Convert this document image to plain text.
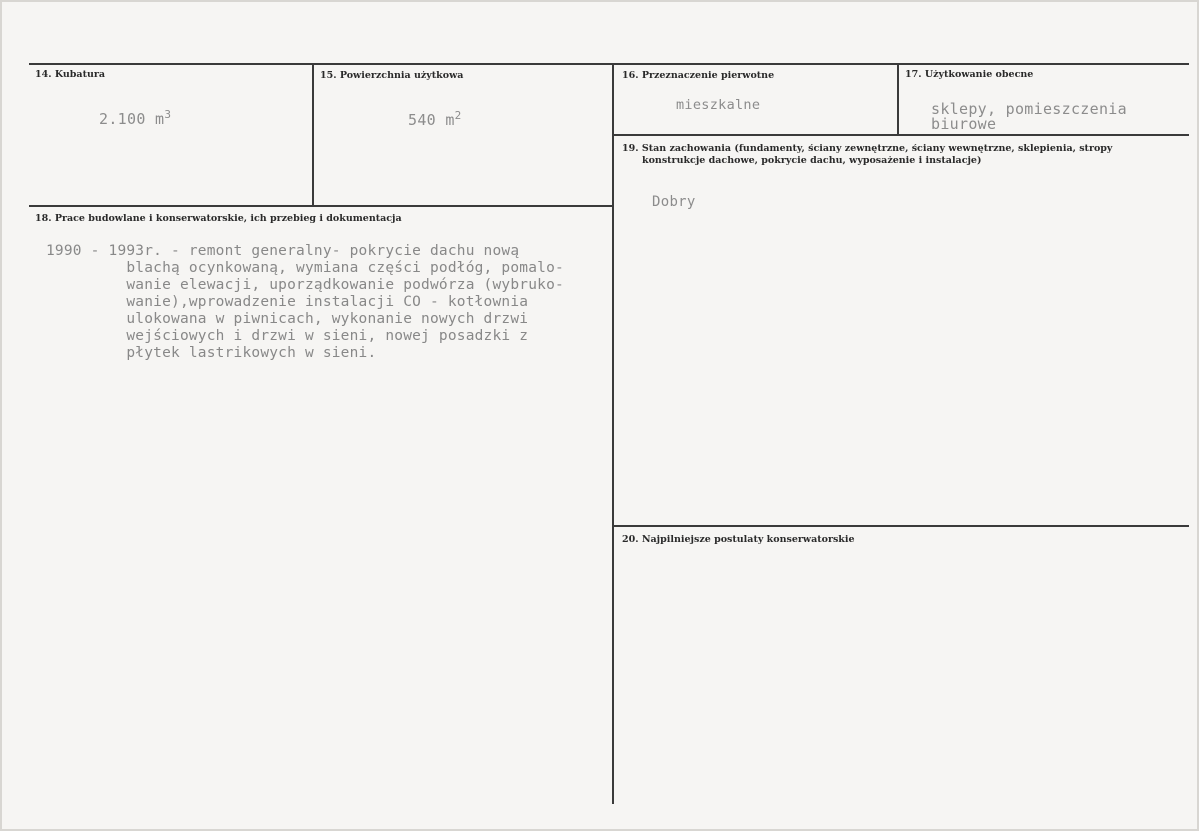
14. Kubatura
2.100 $m^3$
15. Powierzchnia użytkowa
540 $m^2$
16. Przeznaczenie pierwotne
mieszkalne
17. Użytkowanie obecne
sklepy, pomieszczenia
biurowe
18. Prace budowlane i konserwatorskie, ich przebieg i dokumentacja
1990 - 1993r. - remont generalny- pokrycie dachu nową
blachą ocynkowaną, wymiana części podłóg, pomalo-
wanie elewacji, uporządkowanie podwórza (wybruko-
wanie),wprowadzenie instalacji CO - kotłownia
ulokowana w piwnicach, wykonanie nowych drzwi
wejściowych i drzwi w sieni, nowej posadzki z
płytek lastrikowych w sieni.
19. Stan zachowania (fundamenty, ściany zewnętrzne, ściany wewnętrzne, sklepienia, stropy
konstrukcje dachowe, pokrycie dachu, wyposażenie i instalacje)
Dobry
20. Najpilniejsze postulaty konserwatorskie
